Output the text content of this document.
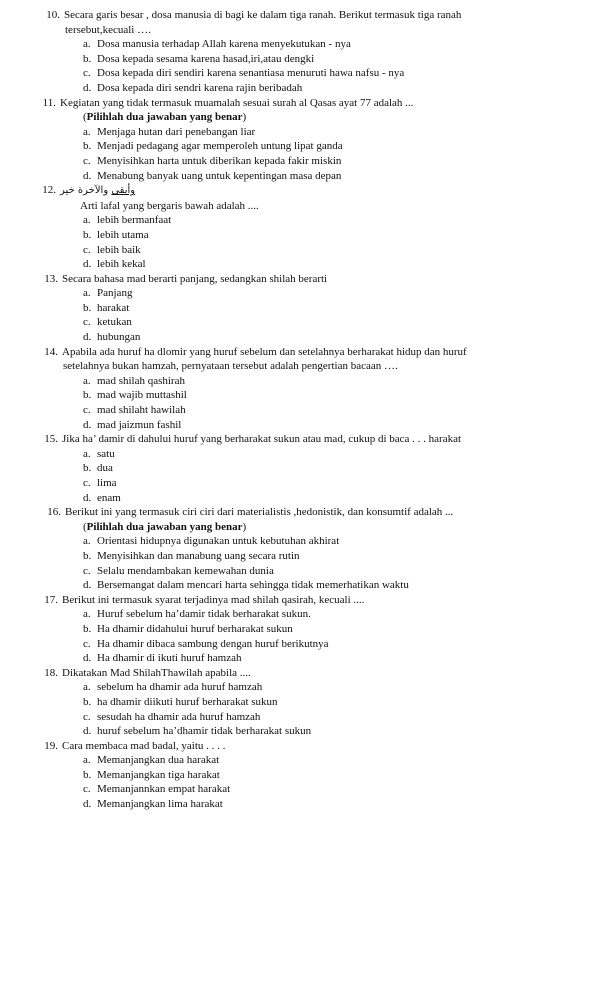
10. Secara garis besar , dosa manusia di bagi ke dalam tiga ranah. Berikut termasuk tiga ranah
tersebut,kecuali ….
a. Dosa manusia terhadap Allah karena menyekutukan - nya
b. Dosa kepada sesama karena hasad,iri,atau dengki
c. Dosa kepada diri sendiri karena senantiasa menuruti hawa nafsu - nya
d. Dosa kepada diri sendri karena rajin beribadah
11. Kegiatan yang tidak termasuk muamalah sesuai surah al Qasas ayat 77 adalah ...
(Pilihlah dua jawaban yang benar)
a. Menjaga hutan dari penebangan liar
b. Menjadi pedagang agar memperoleh untung lipat ganda
c. Menyisihkan harta untuk diberikan kepada fakir miskin
d. Menabung banyak uang untuk kepentingan masa depan
12.	وأبقى والآخرة خير
Arti lafal yang bergaris bawah adalah ....
a. lebih bermanfaat
b. lebih utama
c. lebih baik
d. lebih kekal
13. Secara bahasa mad berarti panjang, sedangkan shilah berarti
a. Panjang
b. harakat
c. ketukan
d. hubungan
14. Apabila ada huruf ha dlomir yang huruf sebelum dan setelahnya berharakat hidup dan huruf
setelahnya bukan hamzah, pernyataan tersebut adalah pengertian bacaan ….
a. mad shilah qashirah
b. mad wajib muttashil
c. mad shilaht hawilah
d. mad jaizmun fashil
15. Jika ha’ damir di dahului huruf yang berharakat sukun atau mad, cukup di baca . . . harakat
a. satu
b. dua
c. lima
d. enam
16. Berikut ini yang termasuk ciri ciri dari materialistis ,hedonistik, dan konsumtif adalah ...
(Pilihlah dua jawaban yang benar)
a. Orientasi hidupnya digunakan untuk kebutuhan akhirat
b. Menyisihkan dan manabung uang secara rutin
c. Selalu mendambakan kemewahan dunia
d. Bersemangat dalam mencari harta sehingga tidak memerhatikan waktu
17. Berikut ini termasuk syarat terjadinya mad shilah qasirah, kecuali ....
a. Huruf sebelum ha’damir tidak berharakat sukun.
b. Ha dhamir didahului huruf berharakat sukun
c. Ha dhamir dibaca sambung dengan huruf berikutnya
d. Ha dhamir di ikuti huruf hamzah
18. Dikatakan Mad ShilahThawilah apabila ....
a. sebelum ha dhamir ada huruf hamzah
b. ha dhamir diikuti huruf berharakat sukun
c. sesudah ha dhamir ada huruf hamzah
d. huruf sebelum ha’dhamir tidak berharakat sukun
19. Cara membaca mad badal, yaitu . . . .
a. Memanjangkan dua harakat
b. Memanjangkan tiga harakat
c. Memanjannkan empat harakat
d. Memanjangkan lima harakat
